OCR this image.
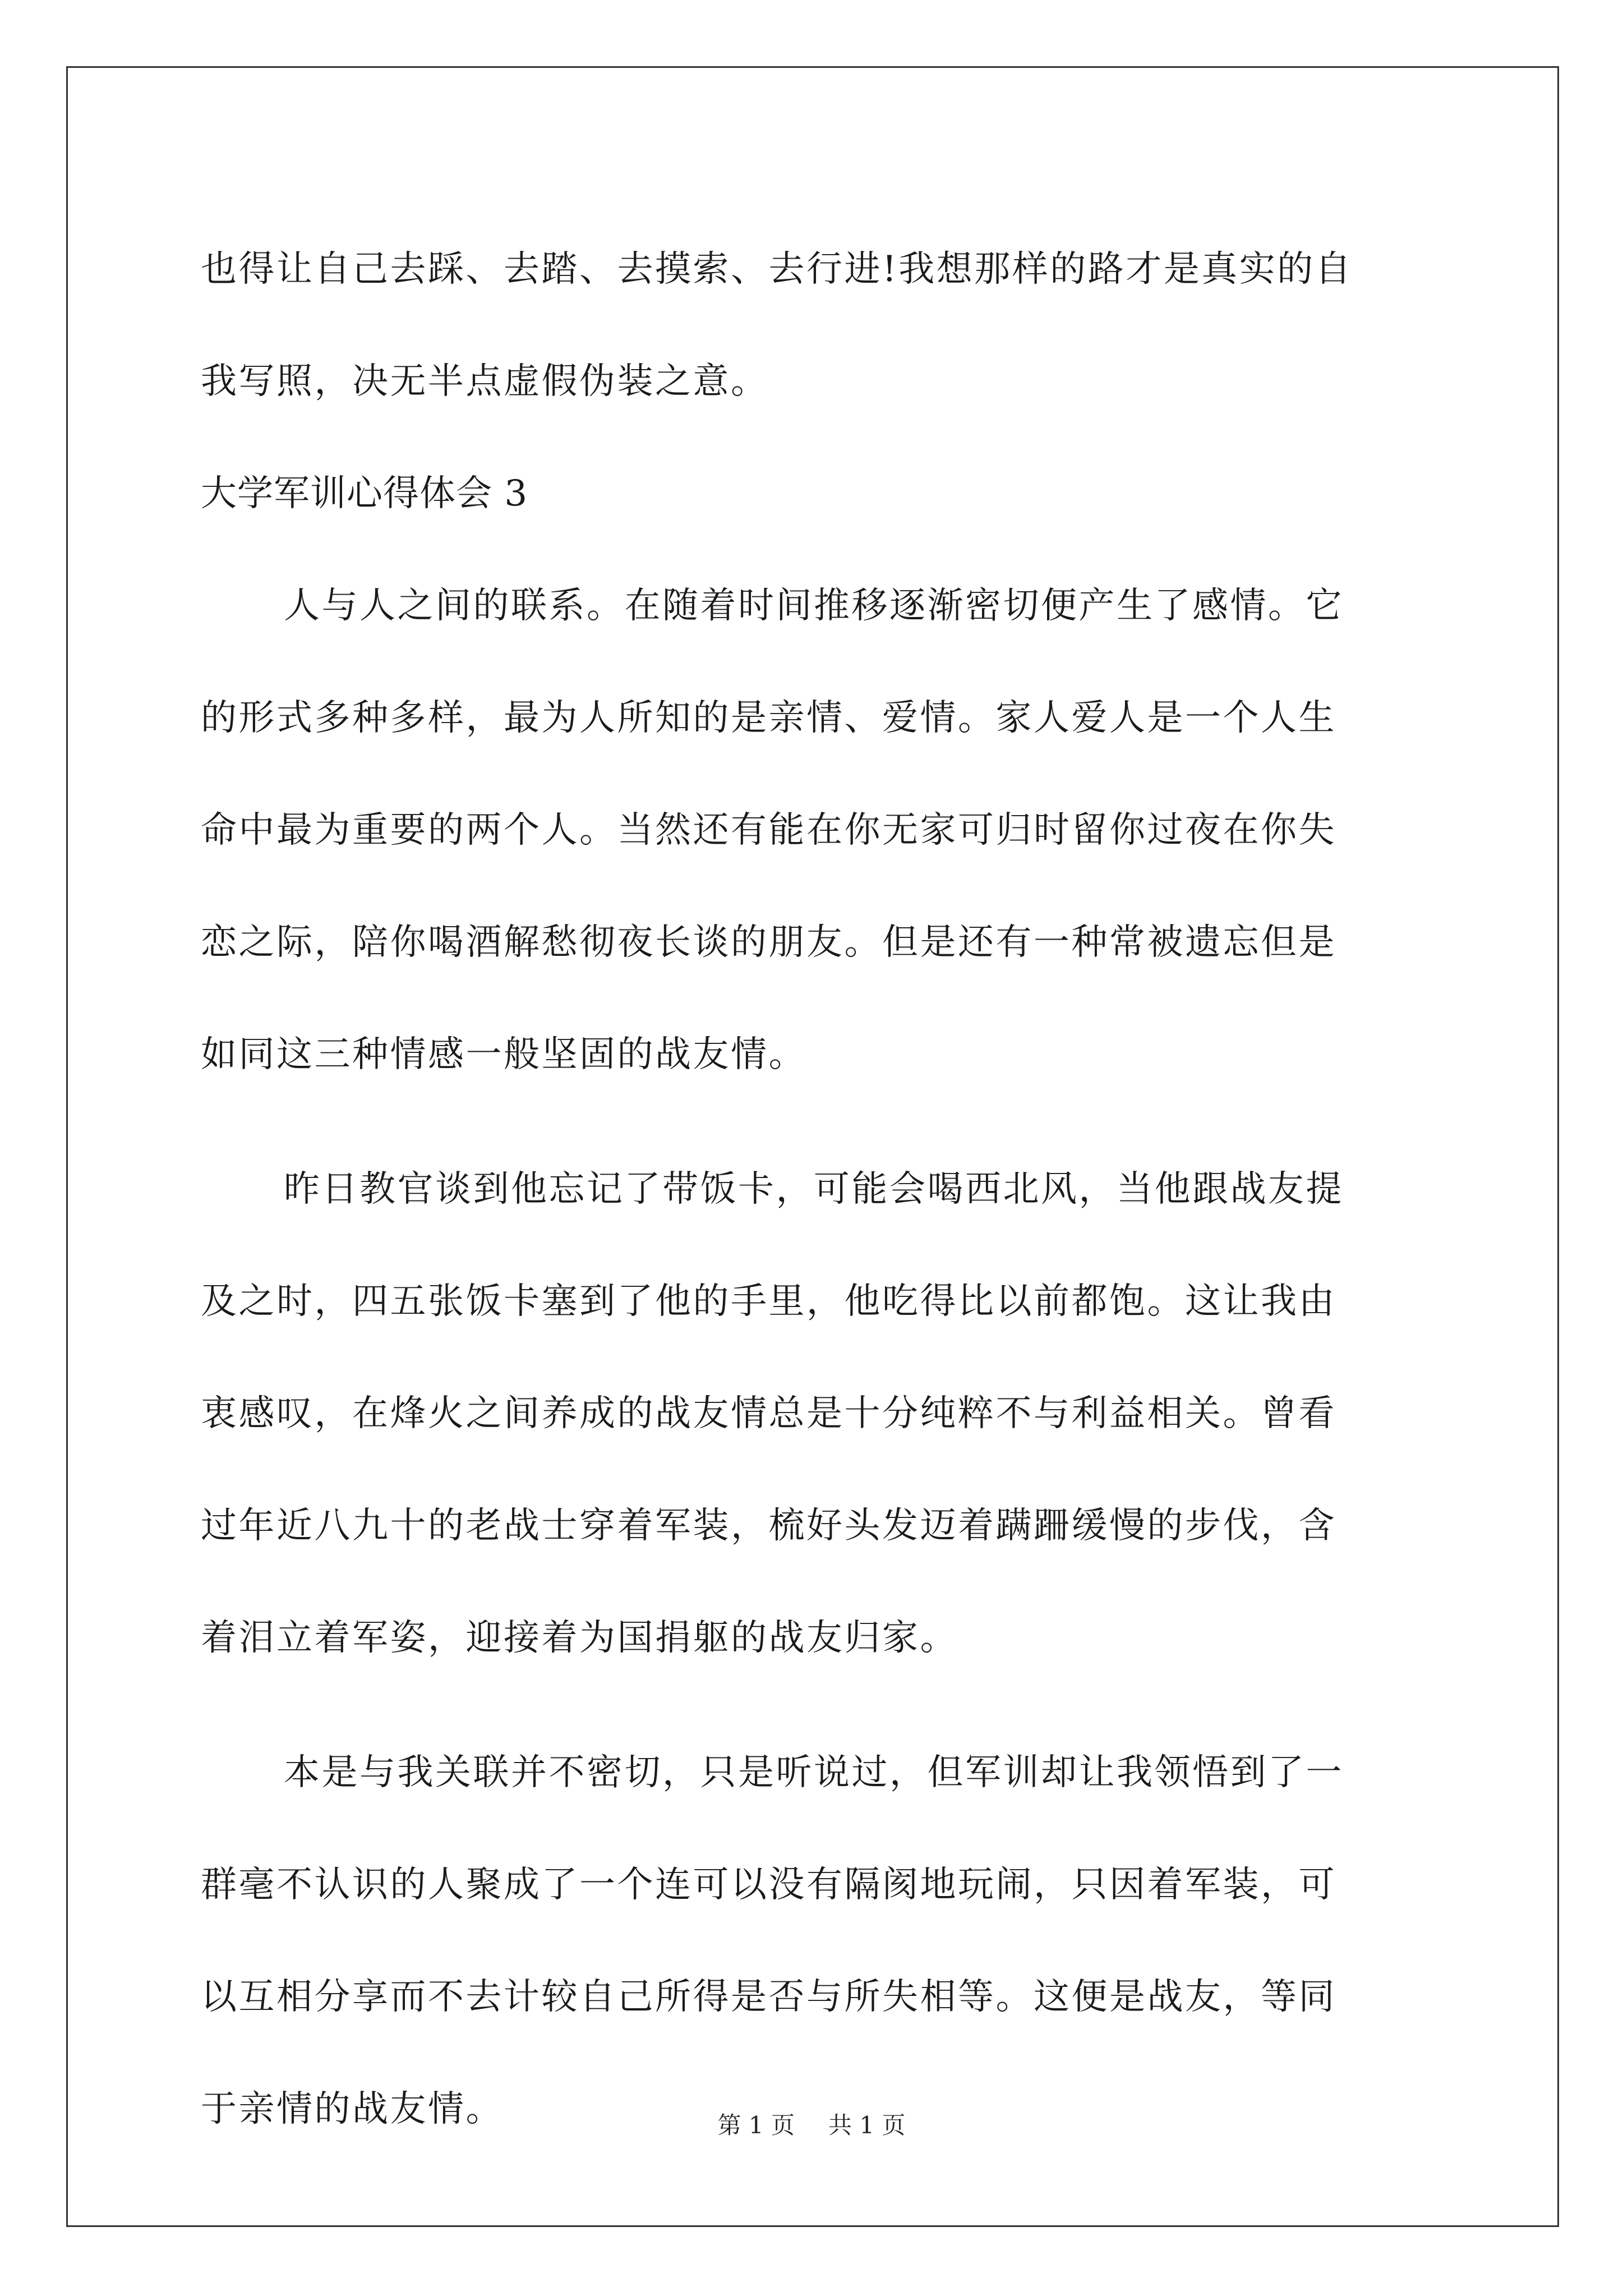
也得让自己去踩、去踏、去摸索、去行进!我想那样的路才是真实的自
我写照，决无半点虚假伪装之意。
大学军训心得体会 3
人与人之间的联系。在随着时间推移逐渐密切便产生了感情。它
的形式多种多样，最为人所知的是亲情、爱情。家人爱人是一个人生
命中最为重要的两个人。当然还有能在你无家可归时留你过夜在你失
恋之际，陪你喝酒解愁彻夜长谈的朋友。但是还有一种常被遗忘但是
如同这三种情感一般坚固的战友情。
昨日教官谈到他忘记了带饭卡，可能会喝西北风，当他跟战友提
及之时，四五张饭卡塞到了他的手里，他吃得比以前都饱。这让我由
衷感叹，在烽火之间养成的战友情总是十分纯粹不与利益相关。曾看
过年近八九十的老战士穿着军装，梳好头发迈着蹒跚缓慢的步伐，含
着泪立着军姿，迎接着为国捐躯的战友归家。
本是与我关联并不密切，只是听说过，但军训却让我领悟到了一
群毫不认识的人聚成了一个连可以没有隔阂地玩闹，只因着军装，可
以互相分享而不去计较自己所得是否与所失相等。这便是战友，等同
于亲情的战友情。	第 1 页 共 1 页
